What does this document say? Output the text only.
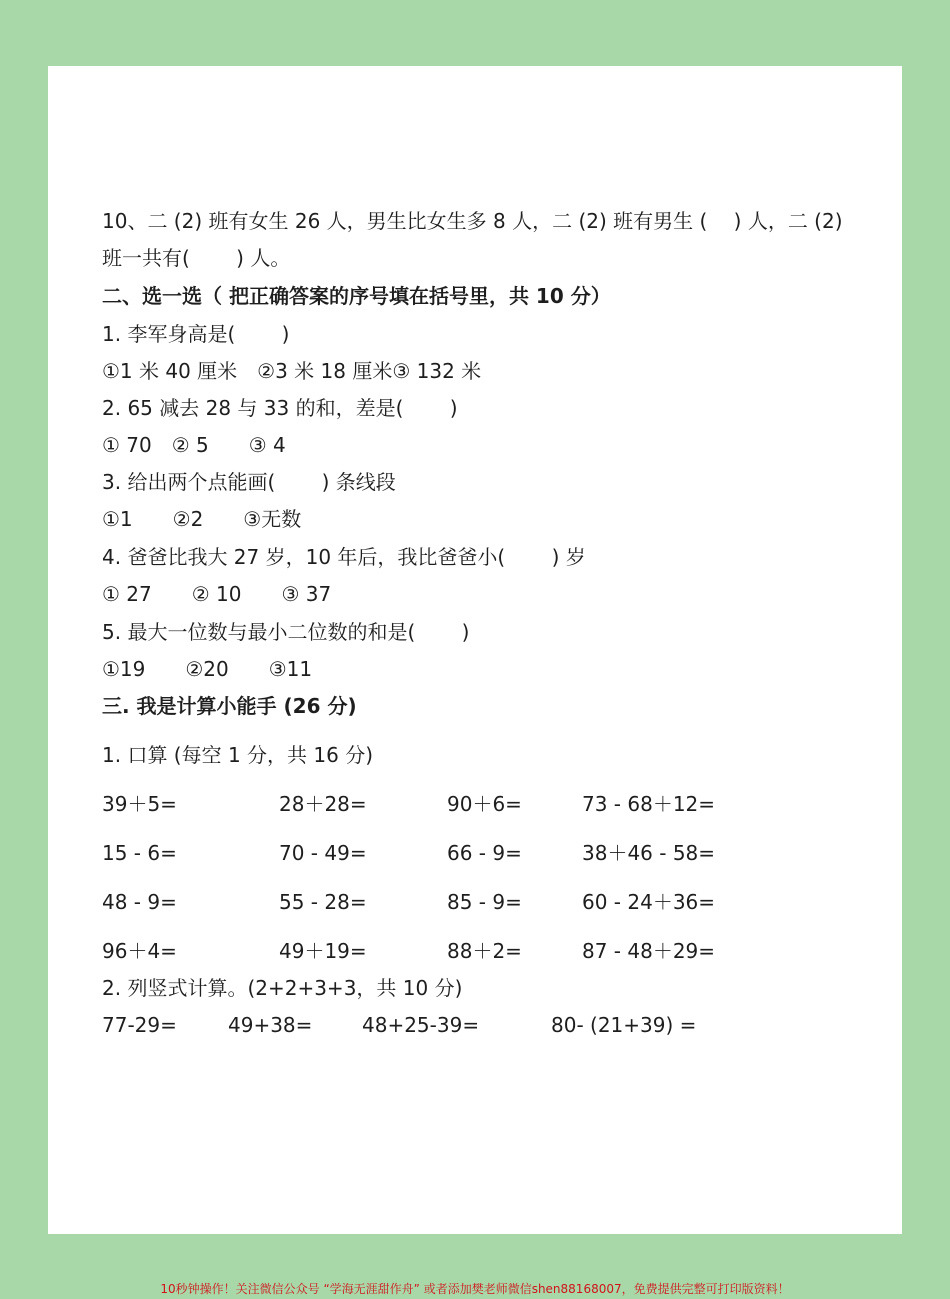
10、二 (2) 班有女生 26 人，男生比女生多 8 人，二 (2) 班有男生 (　 ) 人，二 (2)
班一共有(　　 ) 人。
二、选一选（ 把正确答案的序号填在括号里，共 10 分）
1. 李军身高是(　　 )
①1 米 40 厘米　②3 米 18 厘米③ 132 米
2. 65 减去 28 与 33 的和，差是(　　 )
① 70　② 5　　③ 4
3. 给出两个点能画(　　 ) 条线段
①1　　②2　　③无数
4. 爸爸比我大 27 岁，10 年后，我比爸爸小(　　 ) 岁
① 27　　② 10　　③ 37
5. 最大一位数与最小二位数的和是(　　 )
①19　　②20　　③11
三. 我是计算小能手 (26 分)
1. 口算 (每空 1 分，共 16 分)
39＋5=	28＋28=	90＋6=	73 - 68＋12=
15 - 6=	70 - 49=	66 - 9=	38＋46 - 58=
48 - 9=	55 - 28=	85 - 9=	60 - 24＋36=
96＋4=	49＋19=	88＋2=	87 - 48＋29=
2. 列竖式计算。(2+2+3+3，共 10 分)
77-29=	49+38= 48+25-39=	80- (21+39) =
10秒钟操作！关注微信公众号 “学海无涯甜作舟” 或者添加樊老师微信shen88168007，免费提供完整可打印版资料！
